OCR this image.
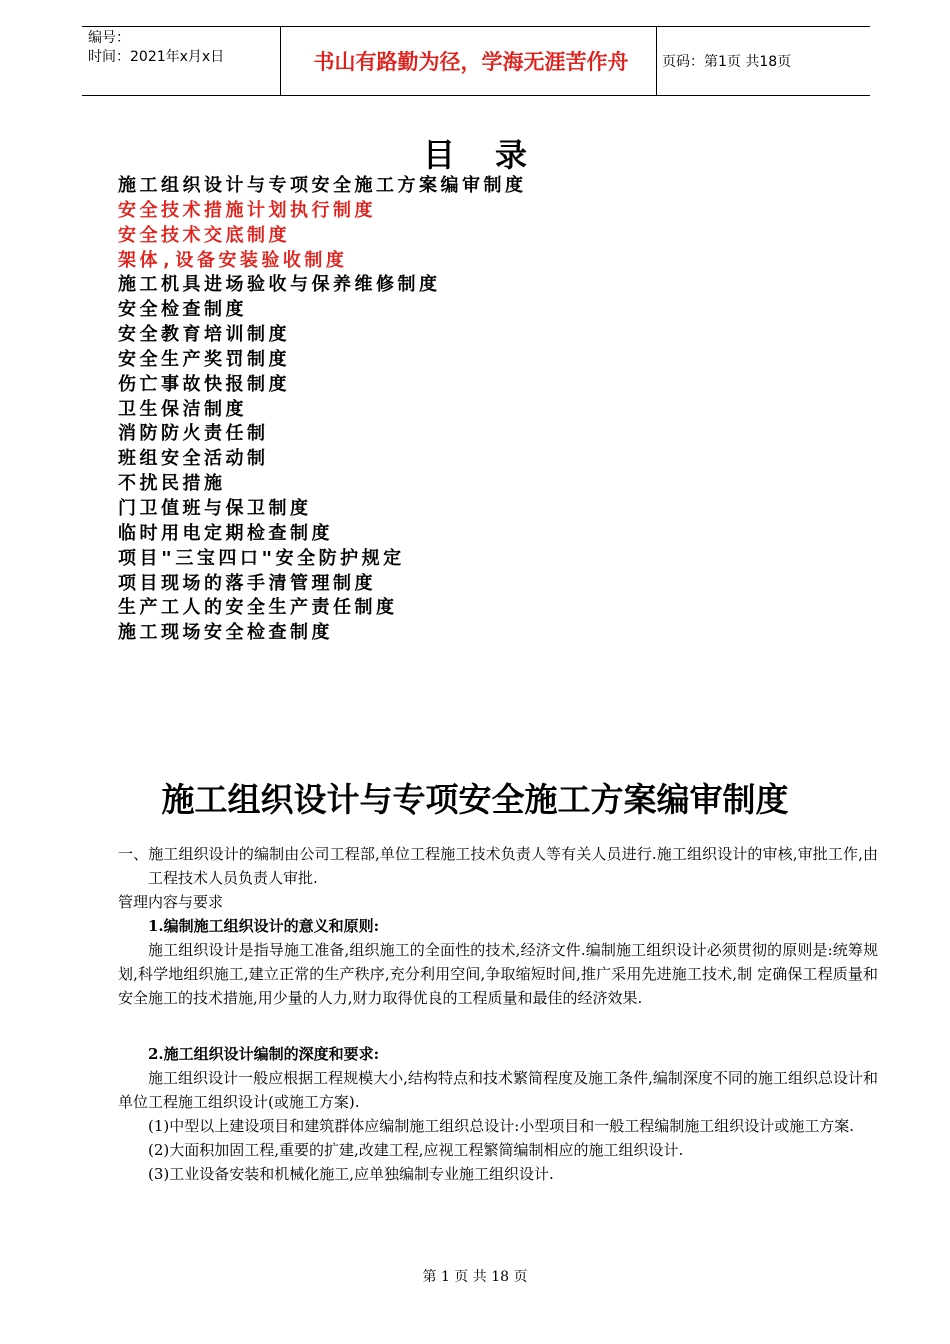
编号：
时间：2021年x月x日	书山有路勤为径，学海无涯苦作舟	页码：第1页 共18页
目录
施工组织设计与专项安全施工方案编审制度
安全技术措施计划执行制度
安全技术交底制度
架体,设备安装验收制度
施工机具进场验收与保养维修制度
安全检查制度
安全教育培训制度
安全生产奖罚制度
伤亡事故快报制度
卫生保洁制度
消防防火责任制
班组安全活动制
不扰民措施
门卫值班与保卫制度
临时用电定期检查制度
项目"三宝四口"安全防护规定
项目现场的落手清管理制度
生产工人的安全生产责任制度
施工现场安全检查制度
施工组织设计与专项安全施工方案编审制度

一、施工组织设计的编制由公司工程部,单位工程施工技术负责人等有关人员进行.施工组织设计的审核,审批工作,由工程技术人员负责人审批.

管理内容与要求

1.编制施工组织设计的意义和原则:

施工组织设计是指导施工准备,组织施工的全面性的技术,经济文件.编制施工组织设计必须贯彻的原则是:统筹规划,科学地组织施工,建立正常的生产秩序,充分利用空间,争取缩短时间,推广采用先进施工技术,制 定确保工程质量和安全施工的技术措施,用少量的人力,财力取得优良的工程质量和最佳的经济效果.

2.施工组织设计编制的深度和要求:

施工组织设计一般应根据工程规模大小,结构特点和技术繁简程度及施工条件,编制深度不同的施工组织总设计和单位工程施工组织设计(或施工方案).

(1)中型以上建设项目和建筑群体应编制施工组织总设计:小型项目和一般工程编制施工组织设计或施工方案.

(2)大面积加固工程,重要的扩建,改建工程,应视工程繁简编制相应的施工组织设计.

(3)工业设备安装和机械化施工,应单独编制专业施工组织设计.

第 1 页 共 18 页
